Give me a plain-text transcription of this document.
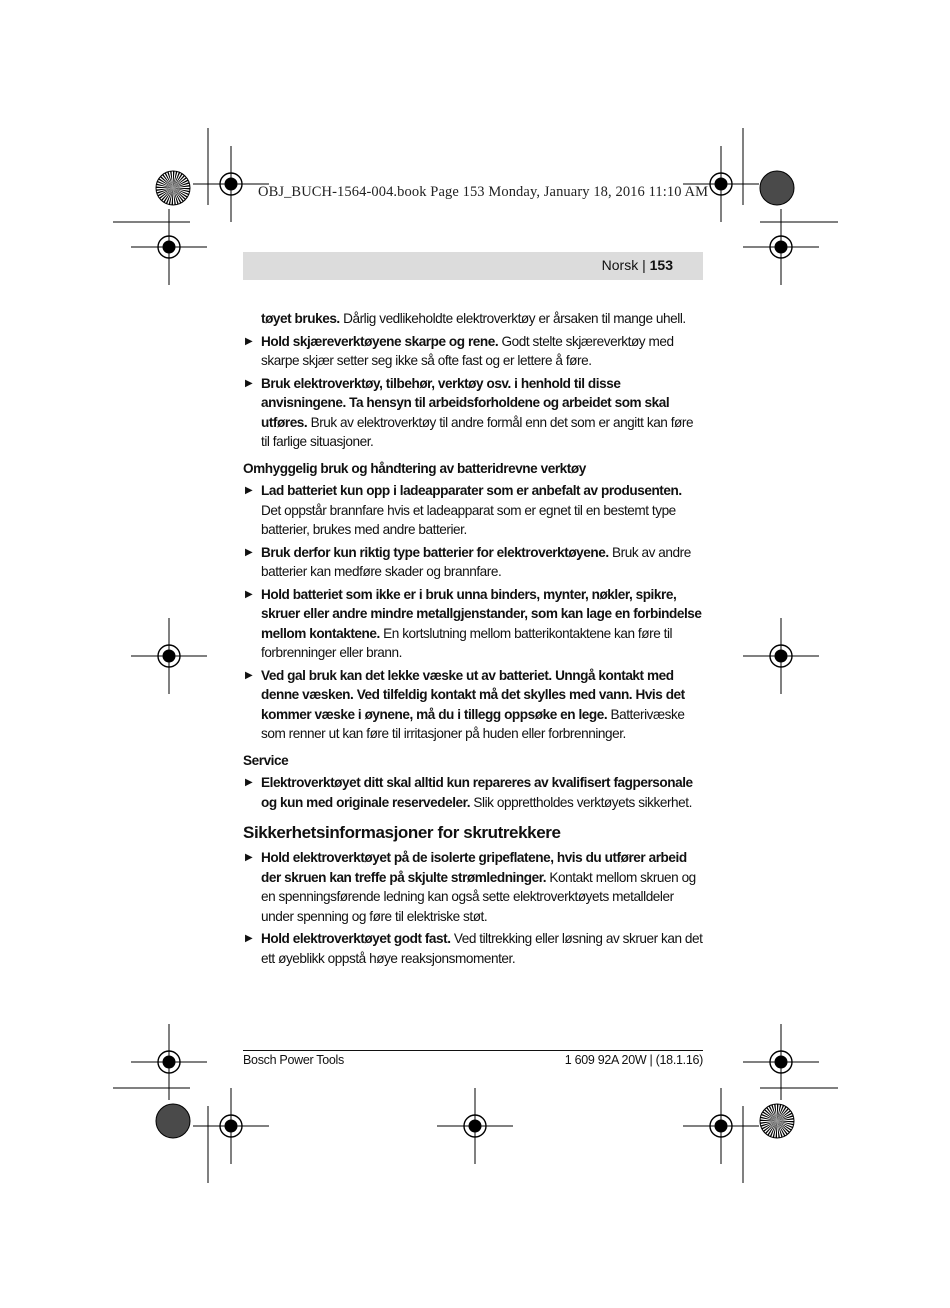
OBJ_BUCH-1564-004.book Page 153 Monday, January 18, 2016 11:10 AM
Norsk | 153

tøyet brukes. Dårlig vedlikeholdte elektroverktøy er årsaken til mange uhell.

▶ Hold skjæreverktøyene skarpe og rene. Godt stelte skjæreverktøy med skarpe skjær setter seg ikke så ofte fast og er lettere å føre.

▶ Bruk elektroverktøy, tilbehør, verktøy osv. i henhold til disse anvisningene. Ta hensyn til arbeidsforholdene og arbeidet som skal utføres. Bruk av elektroverktøy til andre formål enn det som er angitt kan føre til farlige situasjoner.

Omhyggelig bruk og håndtering av batteridrevne verktøy

▶ Lad batteriet kun opp i ladeapparater som er anbefalt av produsenten. Det oppstår brannfare hvis et ladeapparat som er egnet til en bestemt type batterier, brukes med andre batterier.

▶ Bruk derfor kun riktig type batterier for elektroverktøyene. Bruk av andre batterier kan medføre skader og brannfare.

▶ Hold batteriet som ikke er i bruk unna binders, mynter, nøkler, spikre, skruer eller andre mindre metallgjenstander, som kan lage en forbindelse mellom kontaktene. En kortslutning mellom batterikontaktene kan føre til forbrenninger eller brann.

▶ Ved gal bruk kan det lekke væske ut av batteriet. Unngå kontakt med denne væsken. Ved tilfeldig kontakt må det skylles med vann. Hvis det kommer væske i øynene, må du i tillegg oppsøke en lege. Batterivæske som renner ut kan føre til irritasjoner på huden eller forbrenninger.

Service

▶ Elektroverktøyet ditt skal alltid kun repareres av kvalifisert fagpersonale og kun med originale reservedeler. Slik opprettholdes verktøyets sikkerhet.

Sikkerhetsinformasjoner for skrutrekkere

▶ Hold elektroverktøyet på de isolerte gripeflatene, hvis du utfører arbeid der skruen kan treffe på skjulte strømledninger. Kontakt mellom skruen og en spenningsførende ledning kan også sette elektroverktøyets metalldeler under spenning og føre til elektriske støt.

▶ Hold elektroverktøyet godt fast. Ved tiltrekking eller løsning av skruer kan det ett øyeblikk oppstå høye reaksjonsmomenter.

Bosch Power Tools	1 609 92A 20W | (18.1.16)
